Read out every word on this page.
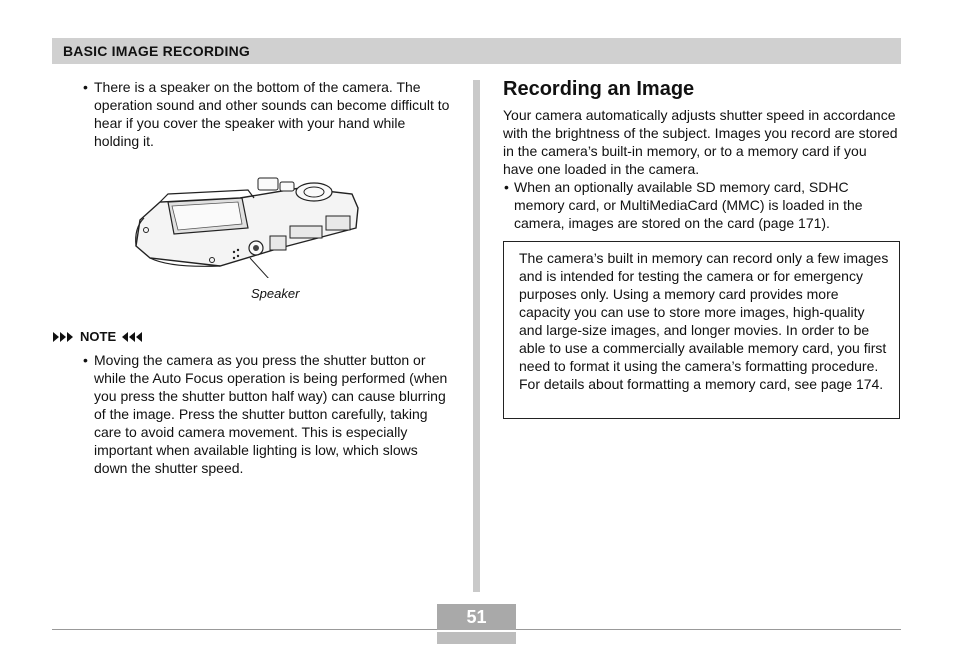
BASIC IMAGE RECORDING
• There is a speaker on the bottom of the camera. The operation sound and other sounds can become difficult to hear if you cover the speaker with your hand while holding it.
Speaker
NOTE
• Moving the camera as you press the shutter button or while the Auto Focus operation is being performed (when you press the shutter button half way) can cause blurring of the image. Press the shutter button carefully, taking care to avoid camera movement. This is especially important when available lighting is low, which slows down the shutter speed.
Recording an Image

Your camera automatically adjusts shutter speed in accordance with the brightness of the subject. Images you record are stored in the camera’s built-in memory, or to a memory card if you have one loaded in the camera.

• When an optionally available SD memory card, SDHC memory card, or MultiMediaCard (MMC) is loaded in the camera, images are stored on the card (page 171).

The camera’s built in memory can record only a few images and is intended for testing the camera or for emergency purposes only. Using a memory card provides more capacity you can use to store more images, high-quality and large-size images, and longer movies. In order to be able to use a commercially available memory card, you first need to format it using the camera’s formatting procedure. For details about formatting a memory card, see page 174.

51
